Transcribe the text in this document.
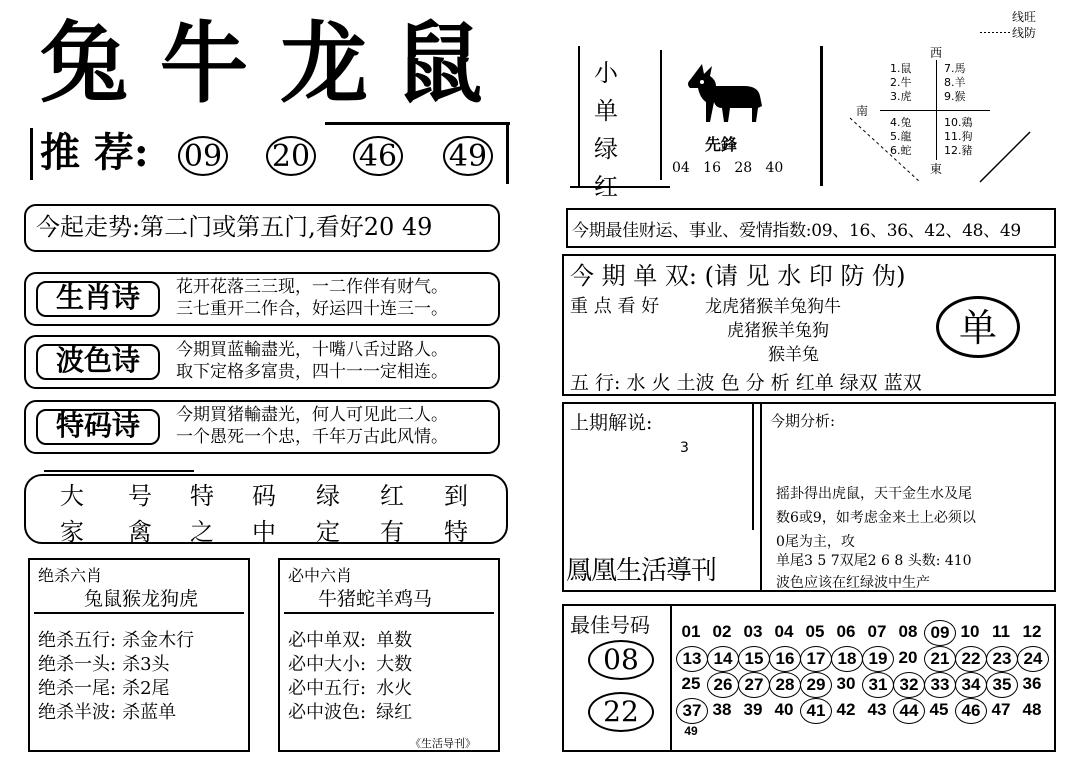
兔 牛 龙 鼠
推 荐: 09 20 46 49
今起走势:第二门或第五门,看好20 49
生肖诗	花开花落三三现，一二作伴有财气。
三七重开二作合，好运四十连三一。
波色诗	今期買蓝輸盡光，十嘴八舌过路人。
取下定格多富贵，四十一一定相连。
特码诗	今期買猪輸盡光，何人可见此二人。
一个愚死一个忠，千年万古此风情。
大 号 特 码 绿 红 到
家 禽 之 中 定 有 特
绝杀六肖
兔鼠猴龙狗虎
绝杀五行: 杀金木行
绝杀一头: 杀3头
绝杀一尾: 杀2尾
绝杀半波: 杀蓝单
必中六肖
牛猪蛇羊鸡马
必中单双: 单数
必中大小: 大数
必中五行: 水火
必中波色: 绿红
《生活导刊》
小
单
绿
红
先鋒
04   16   28   40
线旺
线防
西
南
東
1.鼠
2.牛
3.虎
4.兔
5.龍
6.蛇
7.馬
8.羊
9.猴
10.鶏
11.狗
12.豬
今期最佳财运、事业、爱情指数:09、16、36、42、48、49
今 期 单 双: (请 见 水 印 防 伪)
重 点 看 好	龙虎猪猴羊兔狗牛
虎猪猴羊兔狗
猴羊兔
单
五 行: 水 火 土波 色 分 析 红单 绿双 蓝双
上期解说:
3
今期分析:
摇卦得出虎鼠，天干金生水及尾
数6或9，如考虑金来土上必须以
0尾为主，攻
单尾3 5 7双尾2 6 8 头数: 410
波色应该在红绿波中生产
鳳凰生活導刊
最佳号码
08
22
01 02 03 04 05 06 07 08 09 10 11 12
13 14 15 16 17 18 19 20 21 22 23 24
25 26 27 28 29 30 31 32 33 34 35 36
37 38 39 40 41 42 43 44 45 46 47 48
49
